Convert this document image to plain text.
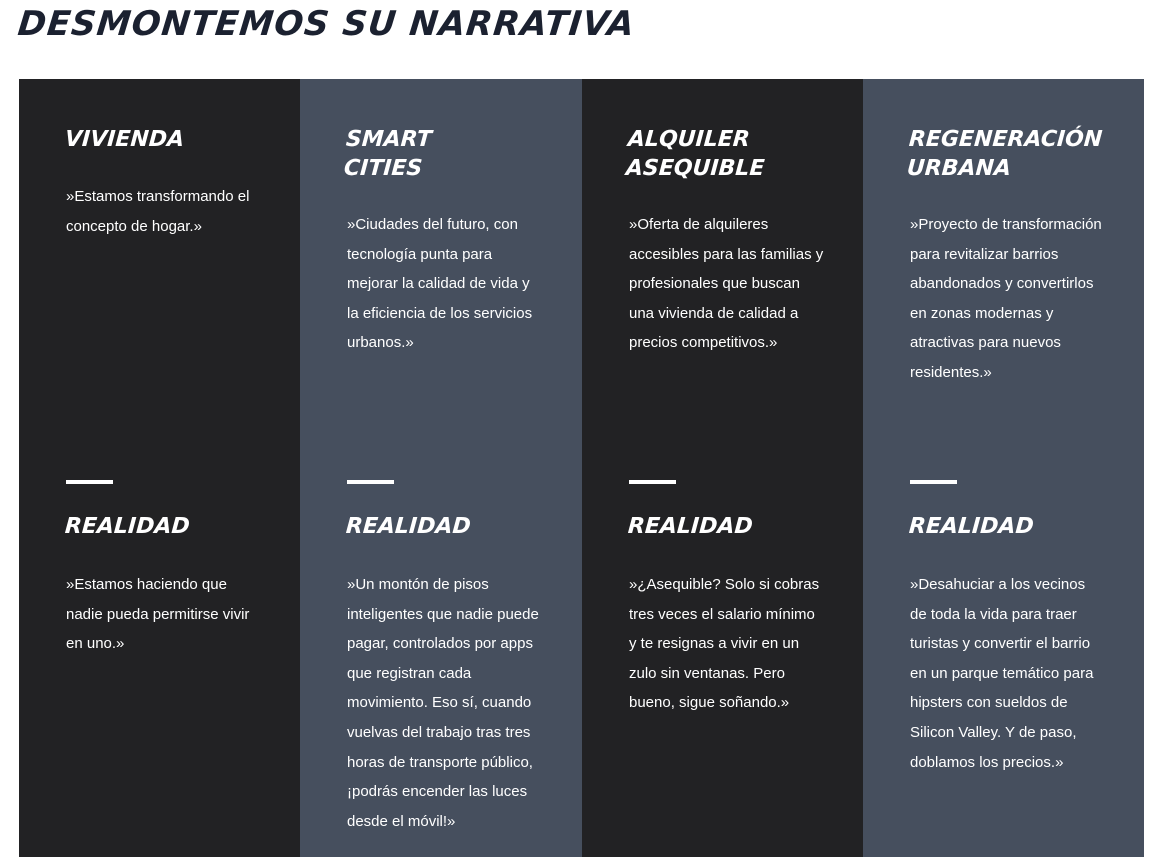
DESMONTEMOS SU NARRATIVA
VIVIENDA

»Estamos transformando el concepto de hogar.»

REALIDAD

»Estamos haciendo que nadie pueda permitirse vivir en uno.»

SMART
CITIES

»Ciudades del futuro, con tecnología punta para mejorar la calidad de vida y la eficiencia de los servicios urbanos.»

REALIDAD

»Un montón de pisos inteligentes que nadie puede pagar, controlados por apps que registran cada movimiento. Eso sí, cuando vuelvas del trabajo tras tres horas de transporte público, ¡podrás encender las luces desde el móvil!»

ALQUILER
ASEQUIBLE

»Oferta de alquileres accesibles para las familias y profesionales que buscan una vivienda de calidad a precios competitivos.»

REALIDAD

»¿Asequible? Solo si cobras tres veces el salario mínimo y te resignas a vivir en un zulo sin ventanas. Pero bueno, sigue soñando.»

REGENERACIÓN
URBANA

»Proyecto de transformación para revitalizar barrios abandonados y convertirlos en zonas modernas y atractivas para nuevos residentes.»

REALIDAD

»Desahuciar a los vecinos de toda la vida para traer turistas y convertir el barrio en un parque temático para hipsters con sueldos de Silicon Valley. Y de paso, doblamos los precios.»
